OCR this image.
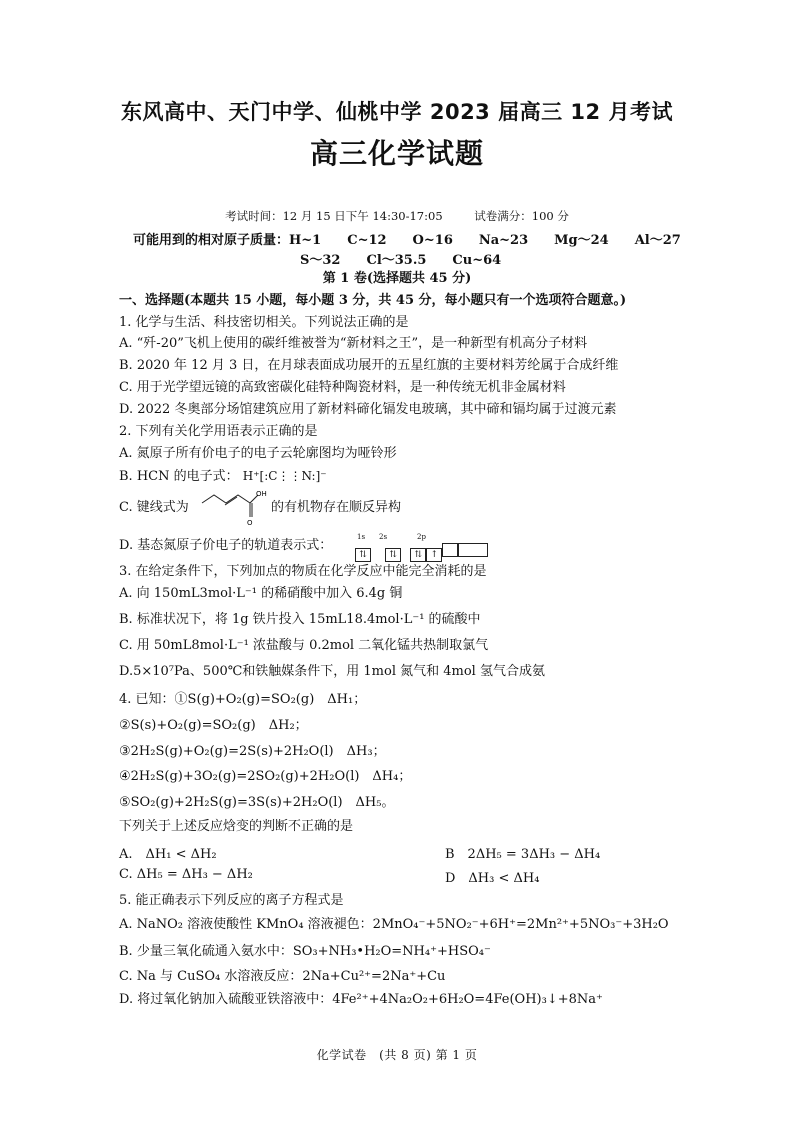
东风高中、天门中学、仙桃中学 2023 届高三 12 月考试
高三化学试题
考试时间：12 月 15 日下午 14:30-17:05	试卷满分：100 分
可能用到的相对原子质量：H~1　　C~12　　O~16　　Na~23　　Mg～24　　Al～27
S～32　　Cl～35.5　　Cu~64
第 1 卷(选择题共 45 分)
一、选择题(本题共 15 小题，每小题 3 分，共 45 分，每小题只有一个选项符合题意。)
1. 化学与生活、科技密切相关。下列说法正确的是
A. “歼-20”飞机上使用的碳纤维被誉为“新材料之王”，是一种新型有机高分子材料
B. 2020 年 12 月 3 日，在月球表面成功展开的五星红旗的主要材料芳纶属于合成纤维
C. 用于光学望远镜的高致密碳化硅特种陶瓷材料，是一种传统无机非金属材料
D. 2022 冬奥部分场馆建筑应用了新材料碲化镉发电玻璃，其中碲和镉均属于过渡元素
2. 下列有关化学用语表示正确的是
A. 氮原子所有价电子的电子云轮廓图均为哑铃形
B. HCN 的电子式： H⁺[:C⋮⋮N:]⁻
C. 键线式为	的有机物存在顺反异构
OH
O
D. 基态氮原子价电子的轨道表示式：
1s 2s	2p
⇅	⇅ ⇅ ↑
3. 在给定条件下，下列加点的物质在化学反应中能完全消耗的是
A. 向 150mL3mol·L⁻¹ 的稀硝酸中加入 6.4g 铜
B. 标准状况下，将 1g 铁片投入 15mL18.4mol·L⁻¹ 的硫酸中
C. 用 50mL8mol·L⁻¹ 浓盐酸与 0.2mol 二氧化锰共热制取氯气
D.5×10⁷Pa、500℃和铁触媒条件下，用 1mol 氮气和 4mol 氢气合成氨
4. 已知：①S(g)+O₂(g)=SO₂(g)　ΔH₁；
②S(s)+O₂(g)=SO₂(g)　ΔH₂；
③2H₂S(g)+O₂(g)=2S(s)+2H₂O(l)　ΔH₃；
④2H₂S(g)+3O₂(g)=2SO₂(g)+2H₂O(l)　ΔH₄；
⑤SO₂(g)+2H₂S(g)=3S(s)+2H₂O(l)　ΔH₅。
下列关于上述反应焓变的判断不正确的是
A.　ΔH₁ < ΔH₂	B　2ΔH₅ = 3ΔH₃ − ΔH₄
C. ΔH₅ = ΔH₃ − ΔH₂	D　ΔH₃ < ΔH₄
5. 能正确表示下列反应的离子方程式是
A. NaNO₂ 溶液使酸性 KMnO₄ 溶液褪色：2MnO₄⁻+5NO₂⁻+6H⁺=2Mn²⁺+5NO₃⁻+3H₂O
B. 少量三氧化硫通入氨水中：SO₃+NH₃•H₂O=NH₄⁺+HSO₄⁻
C. Na 与 CuSO₄ 水溶液反应：2Na+Cu²⁺=2Na⁺+Cu
D. 将过氧化钠加入硫酸亚铁溶液中：4Fe²⁺+4Na₂O₂+6H₂O=4Fe(OH)₃↓+8Na⁺
化学试卷　(共 8 页) 第 1 页
